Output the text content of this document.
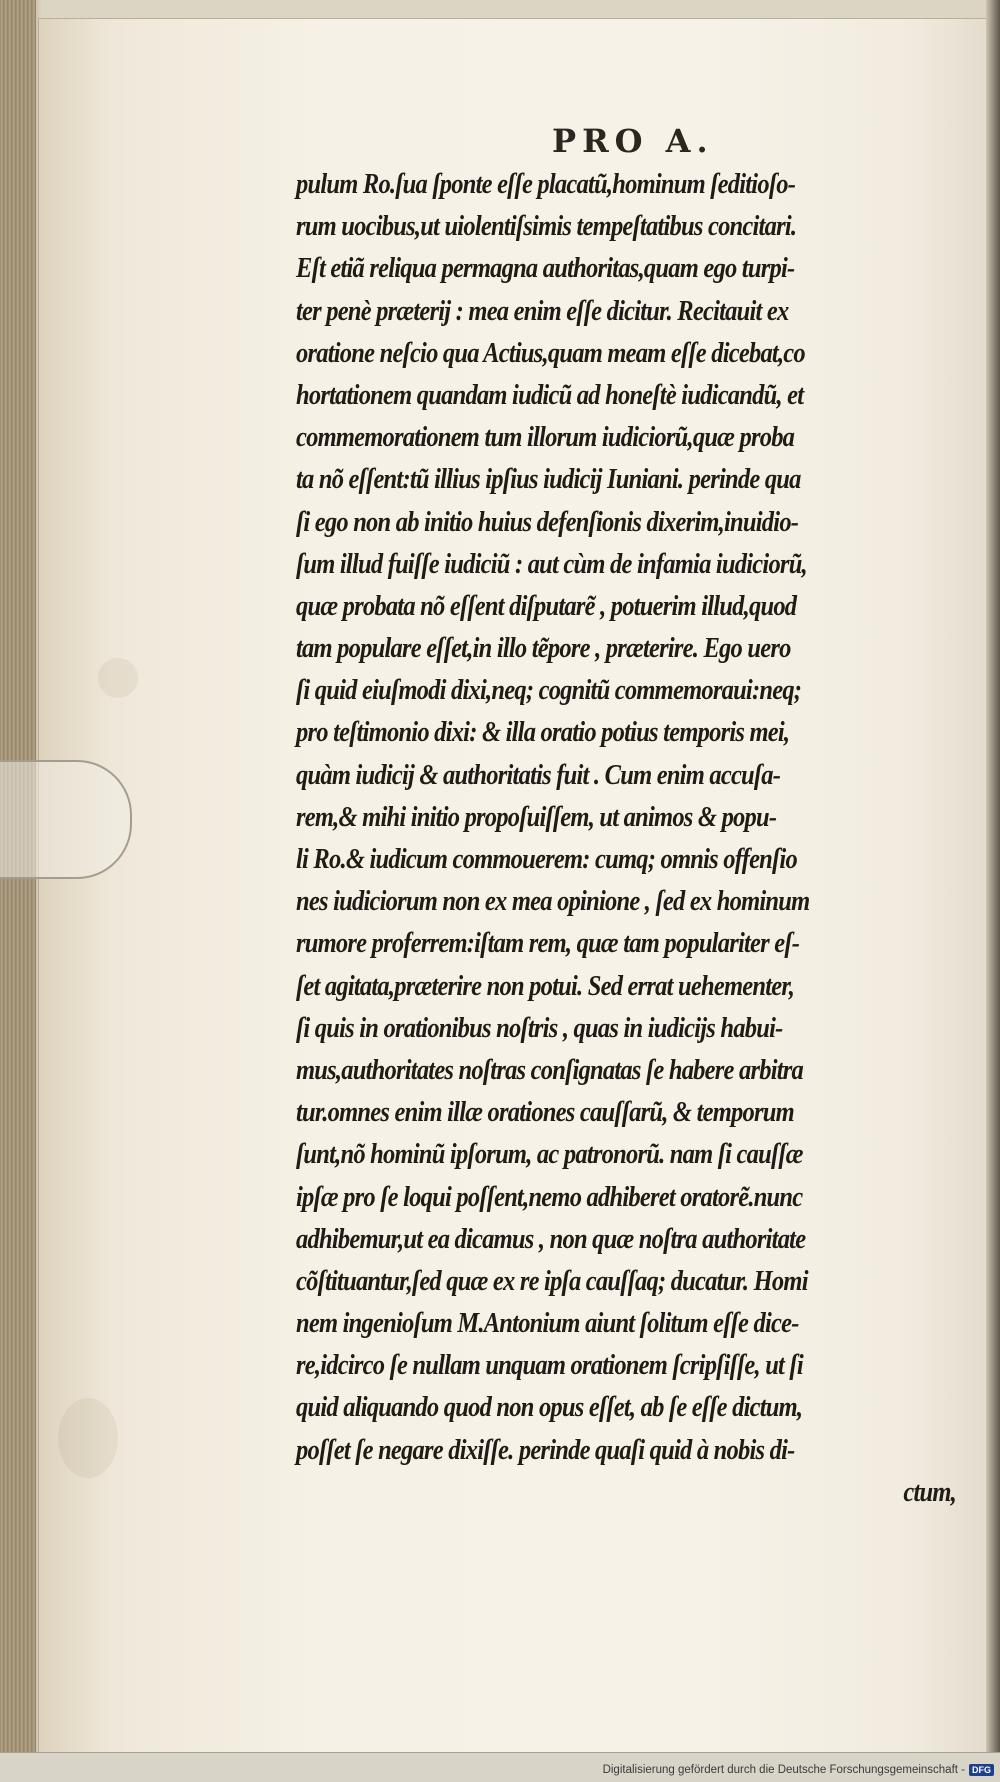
PRO A.
pulum Ro.ſua ſponte eſſe placatũ,hominum ſeditioſo-
rum uocibus,ut uiolentiſsimis tempeſtatibus concitari.
Eſt etiã reliqua permagna authoritas,quam ego turpi-
ter penè præterij : mea enim eſſe dicitur. Recitauit ex
oratione neſcio qua Actius,quam meam eſſe dicebat,co
hortationem quandam iudicũ ad honeſtè iudicandũ, et
commemorationem tum illorum iudiciorũ,quæ proba
ta nõ eſſent:tũ illius ipſius iudicij Iuniani. perinde qua
ſi ego non ab initio huius defenſionis dixerim,inuidio-
ſum illud fuiſſe iudiciũ : aut cùm de infamia iudiciorũ,
quæ probata nõ eſſent diſputarẽ , potuerim illud,quod
tam populare eſſet,in illo tẽpore , præterire. Ego uero
ſi quid eiuſmodi dixi,neq; cognitũ commemoraui:neq;
pro teſtimonio dixi: & illa oratio potius temporis mei,
quàm iudicij & authoritatis fuit . Cum enim accuſa-
rem,& mihi initio propoſuiſſem, ut animos & popu-
li Ro.& iudicum commouerem: cumq; omnis offenſio
nes iudiciorum non ex mea opinione , ſed ex hominum
rumore proferrem:iſtam rem, quæ tam populariter eſ-
ſet agitata,præterire non potui. Sed errat uehementer,
ſi quis in orationibus noſtris , quas in iudicijs habui-
mus,authoritates noſtras conſignatas ſe habere arbitra
tur.omnes enim illæ orationes cauſſarũ, & temporum
ſunt,nõ hominũ ipſorum, ac patronorũ. nam ſi cauſſæ
ipſæ pro ſe loqui poſſent,nemo adhiberet oratorẽ.nunc
adhibemur,ut ea dicamus , non quæ noſtra authoritate
cõſtituantur,ſed quæ ex re ipſa cauſſaq; ducatur. Homi
nem ingenioſum M.Antonium aiunt ſolitum eſſe dice-
re,idcirco ſe nullam unquam orationem ſcripſiſſe, ut ſi
quid aliquando quod non opus eſſet, ab ſe eſſe dictum,
poſſet ſe negare dixiſſe. perinde quaſi quid à nobis di-
ctum,
Digitalisierung gefördert durch die Deutsche Forschungsgemeinschaft - DFG
